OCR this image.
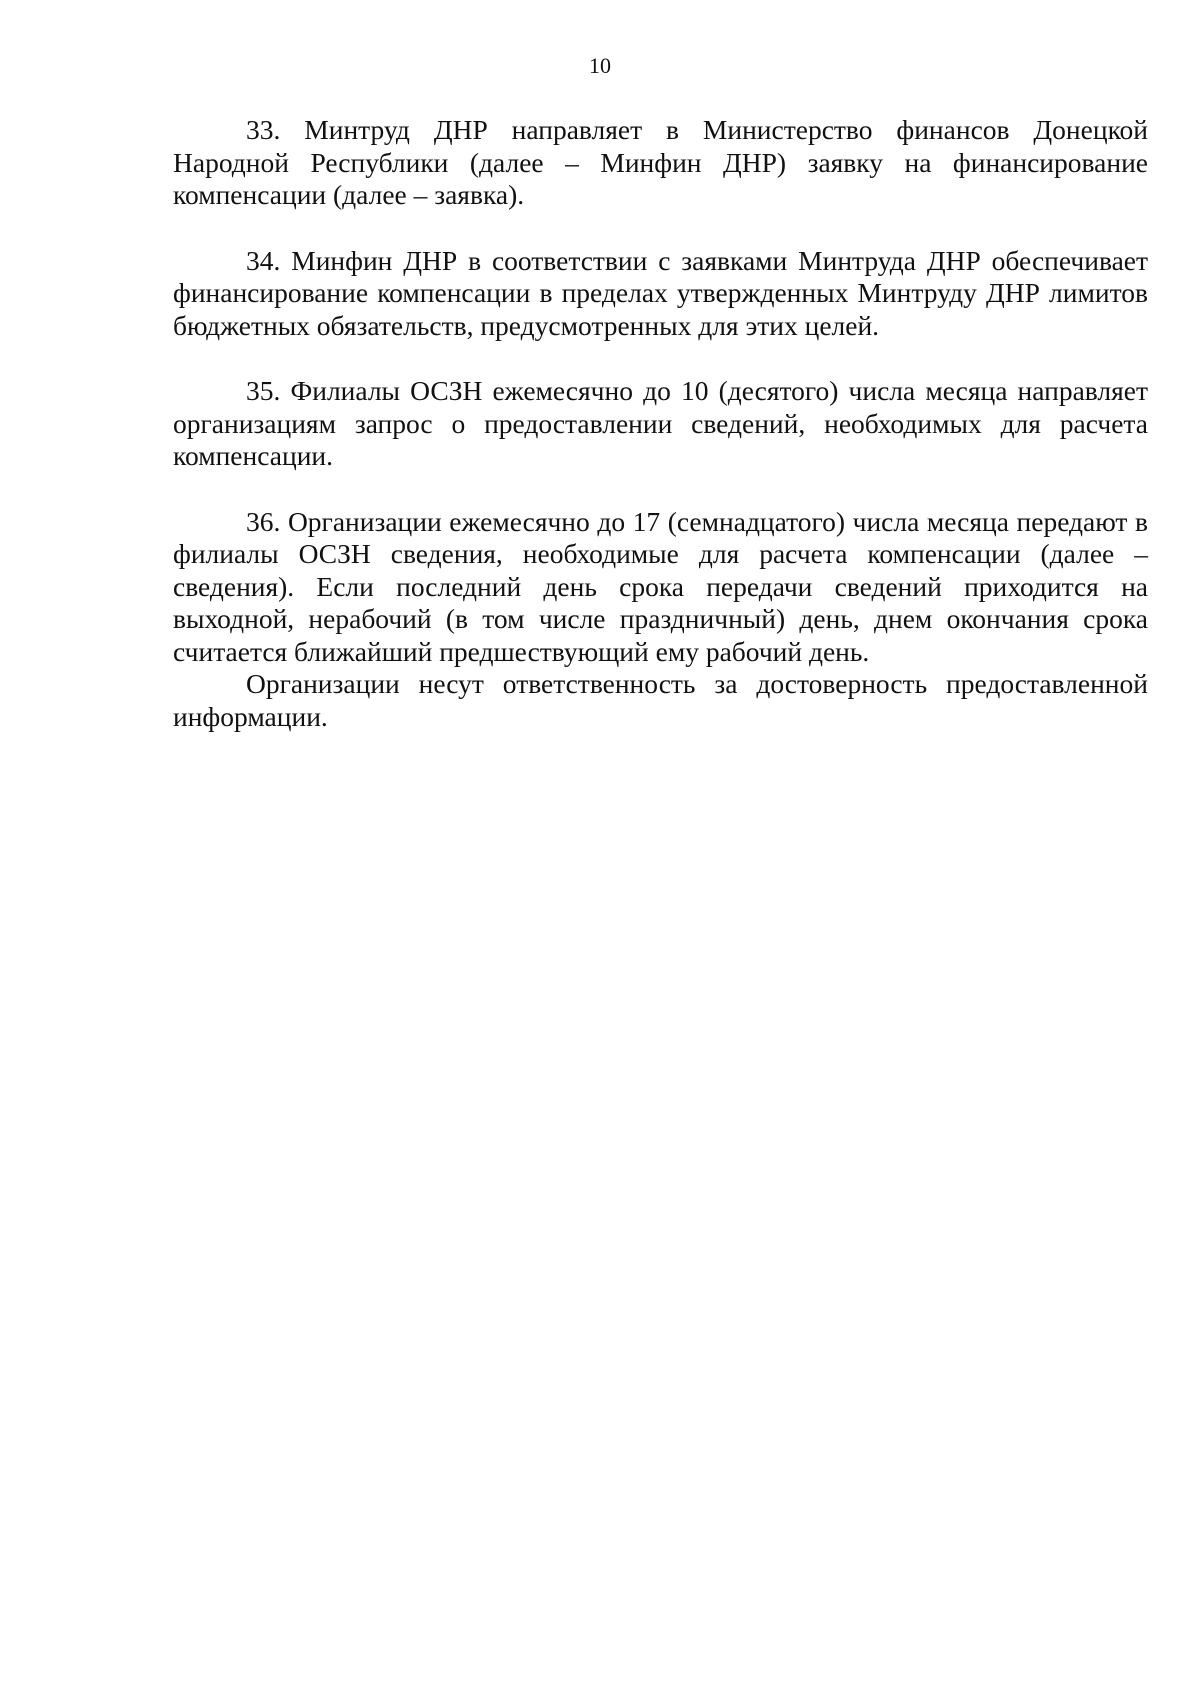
10

33. Минтруд ДНР направляет в Министерство финансов Донецкой Народной Республики (далее – Минфин ДНР) заявку на финансирование компенсации (далее – заявка).

34. Минфин ДНР в соответствии с заявками Минтруда ДНР обеспечивает финансирование компенсации в пределах утвержденных Минтруду ДНР лимитов бюджетных обязательств, предусмотренных для этих целей.

35. Филиалы ОСЗН ежемесячно до 10 (десятого) числа месяца направляет организациям запрос о предоставлении сведений, необходимых для расчета компенсации.

36. Организации ежемесячно до 17 (семнадцатого) числа месяца передают в филиалы ОСЗН сведения, необходимые для расчета компенсации (далее – сведения). Если последний день срока передачи сведений приходится на выходной, нерабочий (в том числе праздничный) день, днем окончания срока считается ближайший предшествующий ему рабочий день.

Организации несут ответственность за достоверность предоставленной информации.
